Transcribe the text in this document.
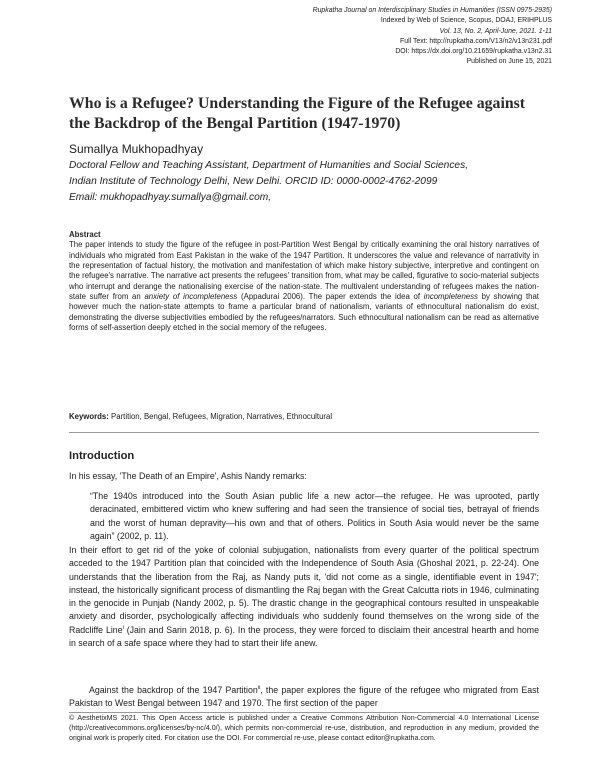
Rupkatha Journal on Interdisciplinary Studies in Humanities (ISSN 0975-2935)
Indexed by Web of Science, Scopus, DOAJ, ERIHPLUS
Vol. 13, No. 2, April-June, 2021. 1-11
Full Text: http://rupkatha.com/V13/n2/v13n231.pdf
DOI: https://dx.doi.org/10.21659/rupkatha.v13n2.31
Published on June 15, 2021
Who is a Refugee? Understanding the Figure of the Refugee against the Backdrop of the Bengal Partition (1947-1970)
Sumallya Mukhopadhyay
Doctoral Fellow and Teaching Assistant, Department of Humanities and Social Sciences,
Indian Institute of Technology Delhi, New Delhi. ORCID ID: 0000-0002-4762-2099
Email: mukhopadhyay.sumallya@gmail.com,
Abstract

The paper intends to study the figure of the refugee in post-Partition West Bengal by critically examining the oral history narratives of individuals who migrated from East Pakistan in the wake of the 1947 Partition. It underscores the value and relevance of narrativity in the representation of factual history, the motivation and manifestation of which make history subjective, interpretive and contingent on the refugee's narrative. The narrative act presents the refugees' transition from, what may be called, figurative to socio-material subjects who interrupt and derange the nationalising exercise of the nation-state. The multivalent understanding of refugees makes the nation-state suffer from an anxiety of incompleteness (Appadurai 2006). The paper extends the idea of incompleteness by showing that however much the nation-state attempts to frame a particular brand of nationalism, variants of ethnocultural nationalism do exist, demonstrating the diverse subjectivities embodied by the refugees/narrators. Such ethnocultural nationalism can be read as alternative forms of self-assertion deeply etched in the social memory of the refugees.

Keywords: Partition, Bengal, Refugees, Migration, Narratives, Ethnocultural
Introduction

In his essay, 'The Death of an Empire', Ashis Nandy remarks:

“The 1940s introduced into the South Asian public life a new actor—the refugee. He was uprooted, partly deracinated, embittered victim who knew suffering and had seen the transience of social ties, betrayal of friends and the worst of human depravity—his own and that of others. Politics in South Asia would never be the same again” (2002, p. 11).

In their effort to get rid of the yoke of colonial subjugation, nationalists from every quarter of the political spectrum acceded to the 1947 Partition plan that coincided with the Independence of South Asia (Ghoshal 2021, p. 22-24). One understands that the liberation from the Raj, as Nandy puts it, 'did not come as a single, identifiable event in 1947'; instead, the historically significant process of dismantling the Raj began with the Great Calcutta riots in 1946, culminating in the genocide in Punjab (Nandy 2002, p. 5). The drastic change in the geographical contours resulted in unspeakable anxiety and disorder, psychologically affecting individuals who suddenly found themselves on the wrong side of the Radcliffe Line$^i$ (Jain and Sarin 2018, p. 6). In the process, they were forced to disclaim their ancestral hearth and home in search of a safe space where they had to start their life anew.

Against the backdrop of the 1947 Partition$^{ii}$, the paper explores the figure of the refugee who migrated from East Pakistan to West Bengal between 1947 and 1970. The first section of the paper

© AesthetixMS 2021. This Open Access article is published under a Creative Commons Attribution Non-Commercial 4.0 International License (http://creativecommons.org/licenses/by-nc/4.0/), which permits non-commercial re-use, distribution, and reproduction in any medium, provided the original work is properly cited. For citation use the DOI. For commercial re-use, please contact editor@rupkatha.com.
